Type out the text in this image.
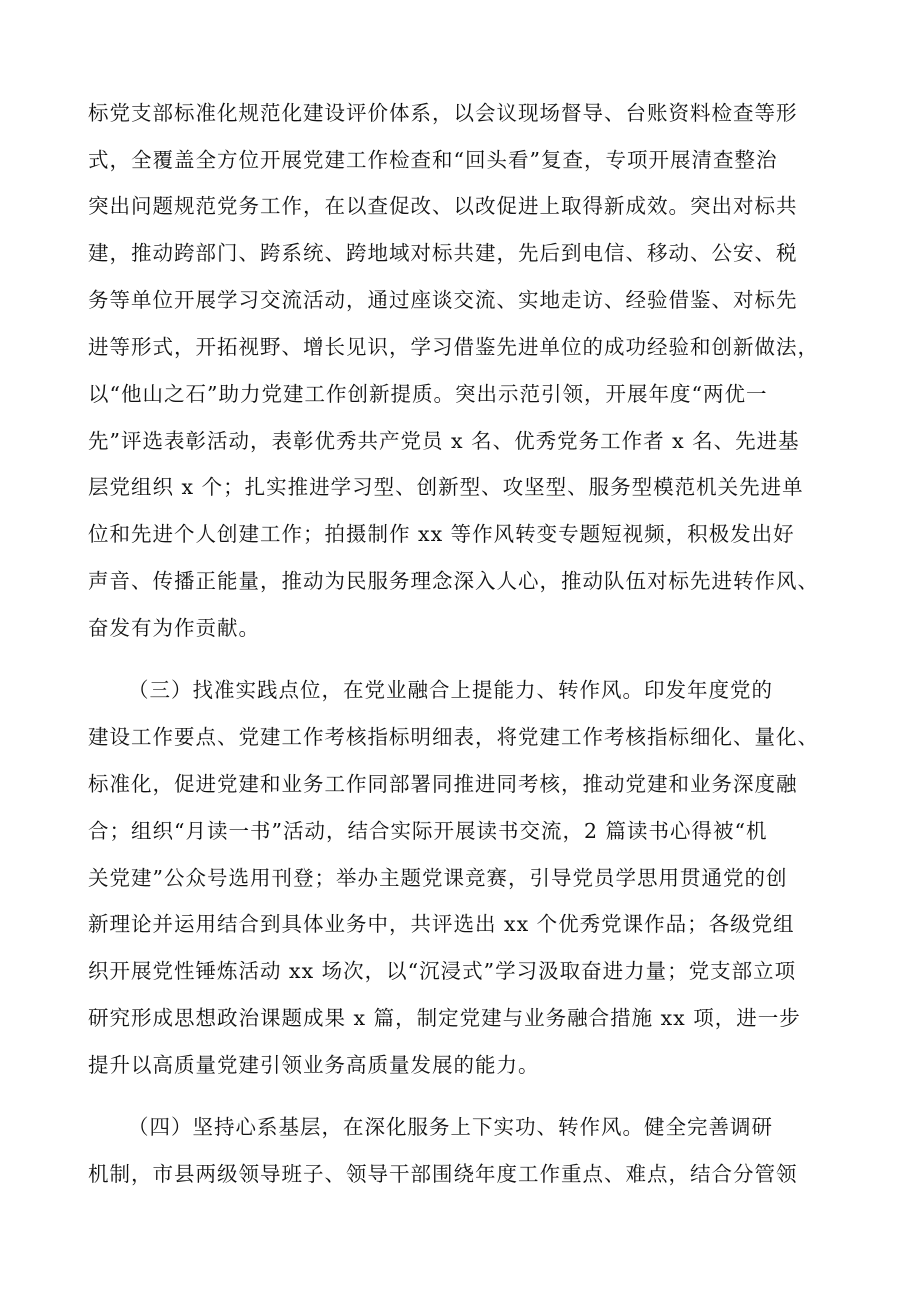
标党支部标准化规范化建设评价体系，以会议现场督导、台账资料检查等形
式，全覆盖全方位开展党建工作检查和“回头看”复查，专项开展清查整治
突出问题规范党务工作，在以查促改、以改促进上取得新成效。突出对标共
建，推动跨部门、跨系统、跨地域对标共建，先后到电信、移动、公安、税
务等单位开展学习交流活动，通过座谈交流、实地走访、经验借鉴、对标先
进等形式，开拓视野、增长见识，学习借鉴先进单位的成功经验和创新做法，
以“他山之石”助力党建工作创新提质。突出示范引领，开展年度“两优一
先”评选表彰活动，表彰优秀共产党员 x 名、优秀党务工作者 x 名、先进基
层党组织 x 个；扎实推进学习型、创新型、攻坚型、服务型模范机关先进单
位和先进个人创建工作；拍摄制作 xx 等作风转变专题短视频，积极发出好
声音、传播正能量，推动为民服务理念深入人心，推动队伍对标先进转作风、
奋发有为作贡献。
（三）找准实践点位，在党业融合上提能力、转作风。印发年度党的
建设工作要点、党建工作考核指标明细表，将党建工作考核指标细化、量化、
标准化，促进党建和业务工作同部署同推进同考核，推动党建和业务深度融
合；组织“月读一书”活动，结合实际开展读书交流，2 篇读书心得被“机
关党建”公众号选用刊登；举办主题党课竞赛，引导党员学思用贯通党的创
新理论并运用结合到具体业务中，共评选出 xx 个优秀党课作品；各级党组
织开展党性锤炼活动 xx 场次，以“沉浸式”学习汲取奋进力量；党支部立项
研究形成思想政治课题成果 x 篇，制定党建与业务融合措施 xx 项，进一步
提升以高质量党建引领业务高质量发展的能力。
（四）坚持心系基层，在深化服务上下实功、转作风。健全完善调研
机制，市县两级领导班子、领导干部围绕年度工作重点、难点，结合分管领
